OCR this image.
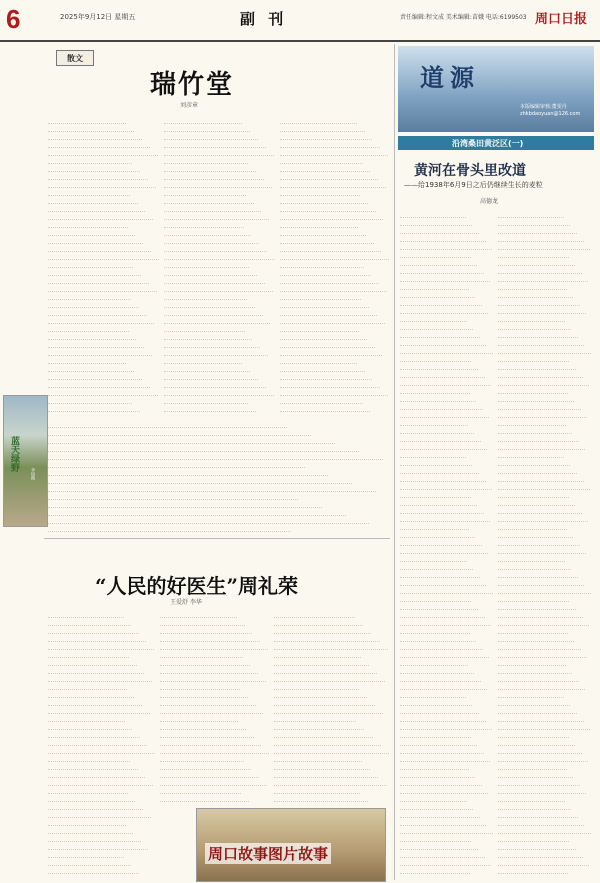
6	2025年9月12日 星期五	副 刊	责任编辑:程文成 美术编辑:苗娥 电话:6199503 周口日报
散文
瑞竹堂
刘彦章
蓝天绿野
李绿摄
“人民的好医生”周礼荣
王爱舒 李华
周口故事图片故事
道源
本版编辑审核:董雯丹 zhkbdaoyuan@126.com
沿湾桑田黄泛区(一)
黄河在骨头里改道
——给1938年6月9日之后仍继续生长的麦粒
高德龙
